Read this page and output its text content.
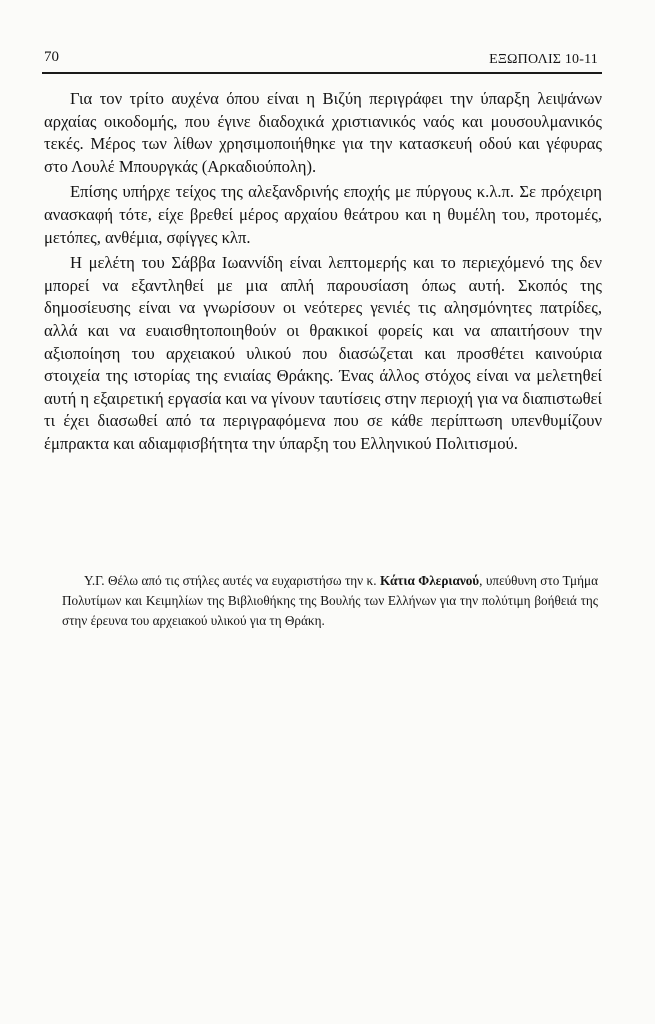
70	ΕΞΩΠΟΛΙΣ 10-11

Για τον τρίτο αυχένα όπου είναι η Βιζύη περιγράφει την ύπαρξη λειψάνων αρχαίας οικοδομής, που έγινε διαδοχικά χριστιανικός ναός και μουσουλμανικός τεκές. Μέρος των λίθων χρησιμοποιήθηκε για την κατασκευή οδού και γέφυρας στο Λουλέ Μπουργκάς (Αρκαδιούπολη).

Επίσης υπήρχε τείχος της αλεξανδρινής εποχής με πύργους κ.λ.π. Σε πρόχειρη ανασκαφή τότε, είχε βρεθεί μέρος αρχαίου θεάτρου και η θυμέλη του, προτομές, μετόπες, ανθέμια, σφίγγες κλπ.

Η μελέτη του Σάββα Ιωαννίδη είναι λεπτομερής και το περιεχόμενό της δεν μπορεί να εξαντληθεί με μια απλή παρουσίαση όπως αυτή. Σκοπός της δημοσίευσης είναι να γνωρίσουν οι νεότερες γενιές τις αλησμόνητες πατρίδες, αλλά και να ευαισθητοποιηθούν οι θρακικοί φορείς και να απαιτήσουν την αξιοποίηση του αρχειακού υλικού που διασώζεται και προσθέτει καινούρια στοιχεία της ιστορίας της ενιαίας Θράκης. Ένας άλλος στόχος είναι να μελετηθεί αυτή η εξαιρετική εργασία και να γίνουν ταυτίσεις στην περιοχή για να διαπιστωθεί τι έχει διασωθεί από τα περιγραφόμενα που σε κάθε περίπτωση υπενθυμίζουν έμπρακτα και αδιαμφισβήτητα την ύπαρξη του Ελληνικού Πολιτισμού.

Υ.Γ. Θέλω από τις στήλες αυτές να ευχαριστήσω την κ. Κάτια Φλεριανού, υπεύθυνη στο Τμήμα Πολυτίμων και Κειμηλίων της Βιβλιοθήκης της Βουλής των Ελλήνων για την πολύτιμη βοήθειά της στην έρευνα του αρχειακού υλικού για τη Θράκη.
